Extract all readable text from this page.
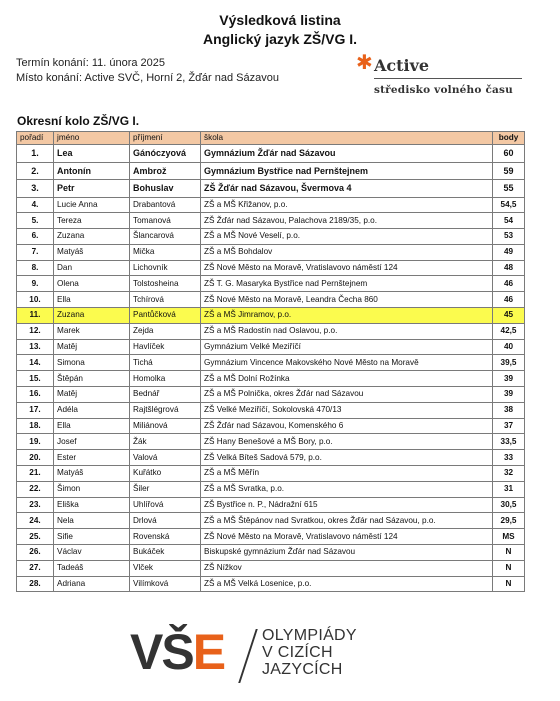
Výsledková listina
Anglický jazyk ZŠ/VG I.
Termín konání: 11. února 2025
Místo konání: Active SVČ, Horní 2, Žďár nad Sázavou
✱ Active
středisko volného času
Okresní kolo ZŠ/VG I.
pořadí	jméno	příjmení	škola	body
1.	Lea	Gánóczyová	Gymnázium Žďár nad Sázavou	60
2.	Antonín	Ambrož	Gymnázium Bystřice nad Pernštejnem	59
3.	Petr	Bohuslav	ZŠ Žďár nad Sázavou, Švermova 4	55
4.	Lucie Anna	Drabantová	ZŠ a MŠ Křižanov, p.o.	54,5
5.	Tereza	Tomanová	ZŠ Žďár nad Sázavou, Palachova 2189/35, p.o.	54
6.	Zuzana	Šlancarová	ZŠ a MŠ Nové Veselí, p.o.	53
7.	Matyáš	Mička	ZŠ a MŠ Bohdalov	49
8.	Dan	Lichovník	ZŠ Nové Město na Moravě, Vratislavovo náměstí 124	48
9.	Olena	Tolstosheina	ZŠ T. G. Masaryka Bystřice nad Pernštejnem	46
10.	Ella	Tchírová	ZŠ Nové Město na Moravě, Leandra Čecha 860	46
11.	Zuzana	Pantůčková	ZŠ a MŠ Jimramov, p.o.	45
12.	Marek	Zejda	ZŠ a MŠ Radostín nad Oslavou, p.o.	42,5
13.	Matěj	Havlíček	Gymnázium Velké Meziříčí	40
14.	Simona	Tichá	Gymnázium Vincence Makovského Nové Město na Moravě	39,5
15.	Štěpán	Homolka	ZŠ a MŠ Dolní Rožínka	39
16.	Matěj	Bednář	ZŠ a MŠ Polnička, okres Žďár nad Sázavou	39
17.	Adéla	Rajtšlégrová	ZŠ Velké Meziříčí, Sokolovská 470/13	38
18.	Ella	Miliánová	ZŠ Žďár nad Sázavou, Komenského 6	37
19.	Josef	Žák	ZŠ Hany Benešové a MŠ Bory, p.o.	33,5
20.	Ester	Valová	ZŠ Velká Bíteš Sadová 579, p.o.	33
21.	Matyáš	Kuřátko	ZŠ a MŠ Měřín	32
22.	Šimon	Šiler	ZŠ a MŠ Svratka, p.o.	31
23.	Eliška	Uhlířová	ZŠ Bystřice n. P., Nádražní 615	30,5
24.	Nela	Drlová	ZŠ a MŠ Štěpánov nad Svratkou, okres Žďár nad Sázavou, p.o.	29,5
25.	Sifie	Rovenská	ZŠ Nové Město na Moravě, Vratislavovo náměstí 124	MS
26.	Václav	Bukáček	Biskupské gymnázium Žďár nad Sázavou	N
27.	Tadeáš	Vlček	ZŠ Nížkov	N
28.	Adriana	Vilímková	ZŠ a MŠ Velká Losenice, p.o.	N
VŠE OLYMPIÁDY
V CIZÍCH
JAZYCÍCH
